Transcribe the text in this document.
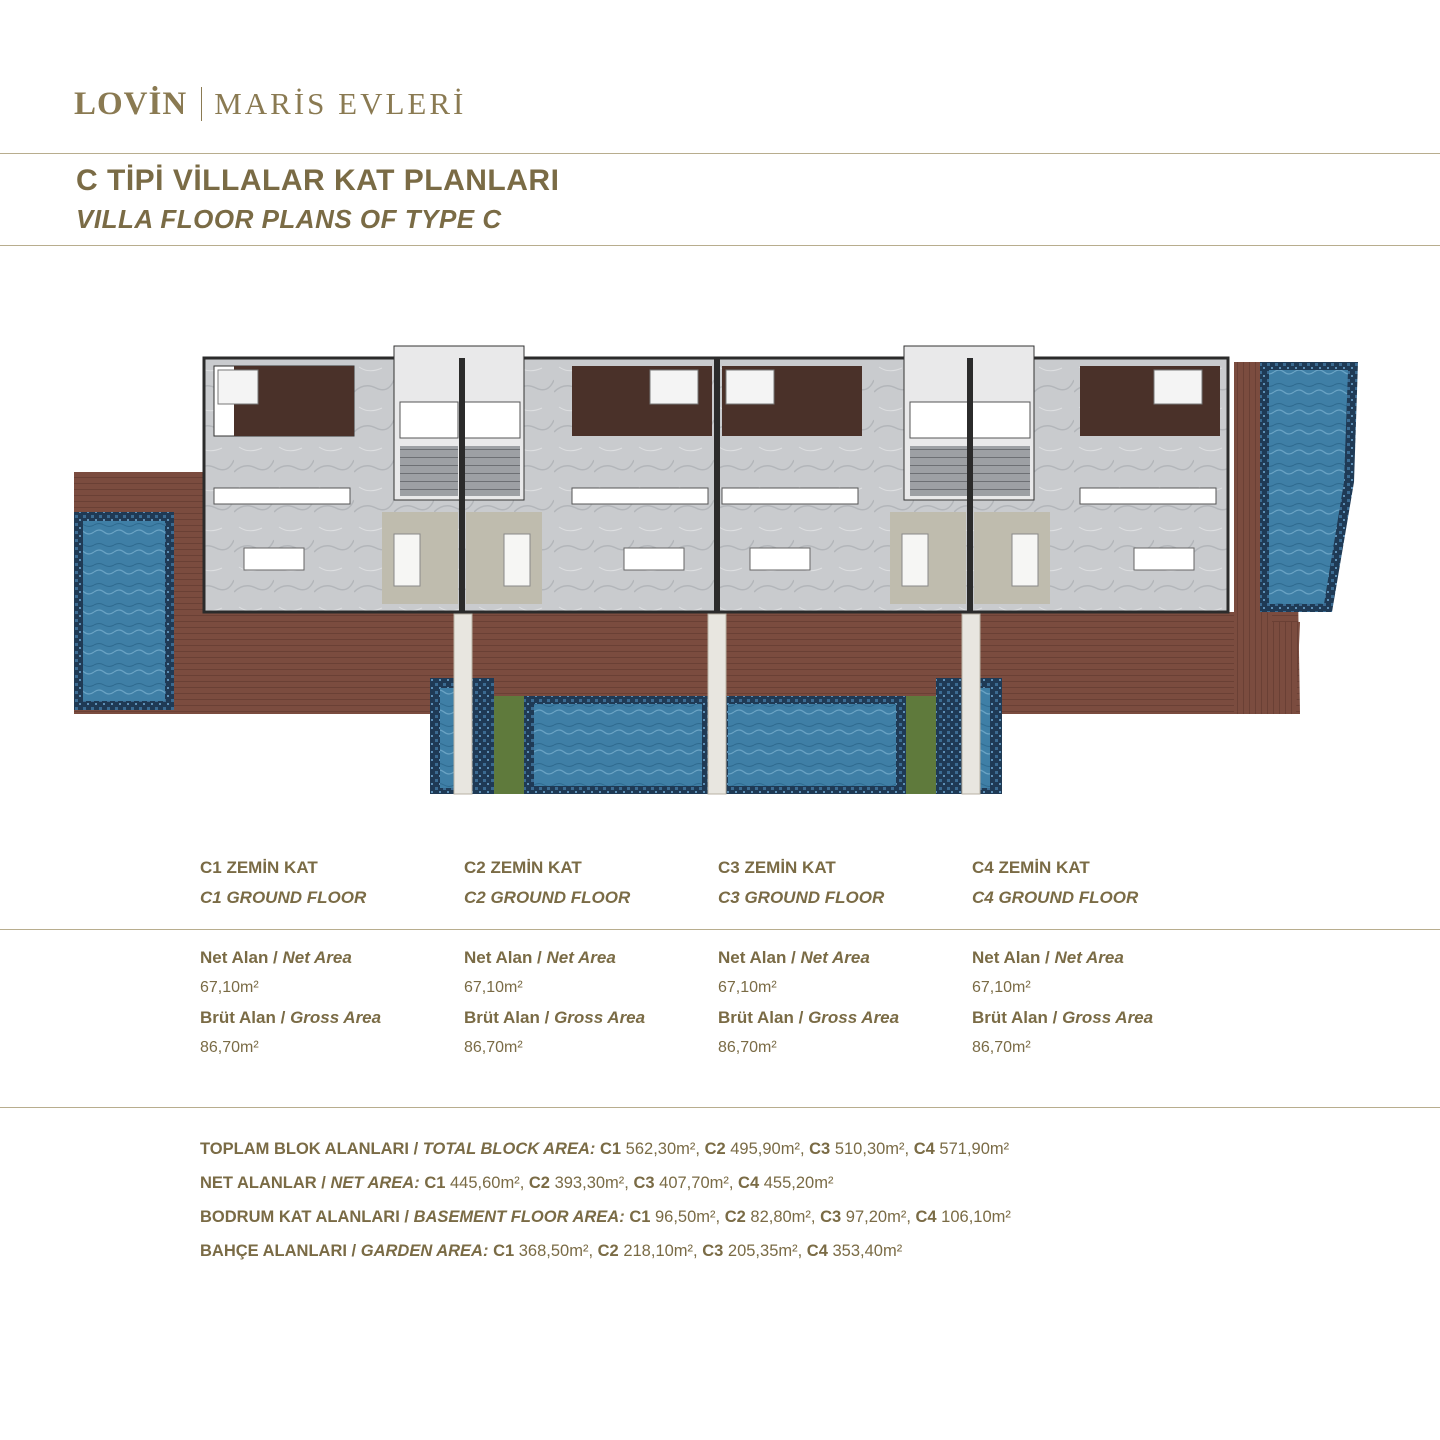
LOVİN MARİS EVLERİ
C TİPİ VİLLALAR KAT PLANLARI
VILLA FLOOR PLANS OF TYPE C
C1 ZEMİN KAT
C1 GROUND FLOOR
C2 ZEMİN KAT
C2 GROUND FLOOR
C3 ZEMİN KAT
C3 GROUND FLOOR
C4 ZEMİN KAT
C4 GROUND FLOOR
Net Alan / Net Area
67,10m²
Brüt Alan / Gross Area
86,70m²
Net Alan / Net Area
67,10m²
Brüt Alan / Gross Area
86,70m²
Net Alan / Net Area
67,10m²
Brüt Alan / Gross Area
86,70m²
Net Alan / Net Area
67,10m²
Brüt Alan / Gross Area
86,70m²
TOPLAM BLOK ALANLARI / TOTAL BLOCK AREA: C1 562,30m², C2 495,90m², C3 510,30m², C4 571,90m²
NET ALANLAR / NET AREA: C1 445,60m², C2 393,30m², C3 407,70m², C4 455,20m²
BODRUM KAT ALANLARI / BASEMENT FLOOR AREA: C1 96,50m², C2 82,80m², C3 97,20m², C4 106,10m²
BAHÇE ALANLARI / GARDEN AREA: C1 368,50m², C2 218,10m², C3 205,35m², C4 353,40m²
